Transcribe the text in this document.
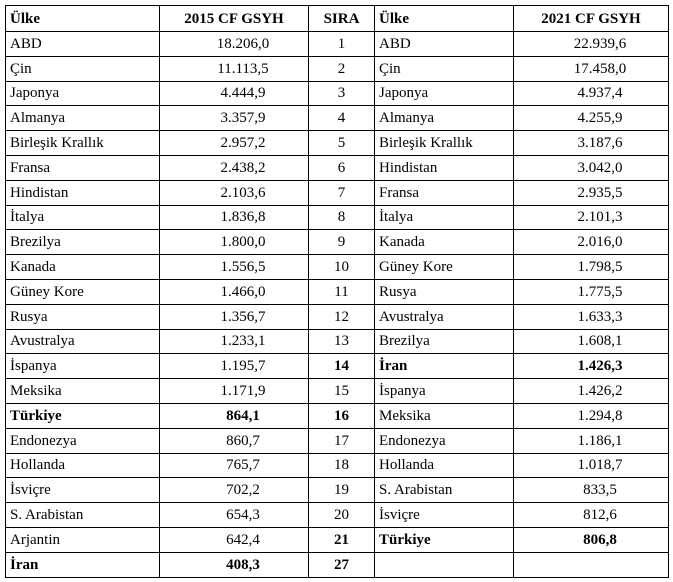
Ülke	2015 CF GSYH	SIRA	Ülke	2021 CF GSYH
ABD	18.206,0	1	ABD	22.939,6
Çin	11.113,5	2	Çin	17.458,0
Japonya	4.444,9	3	Japonya	4.937,4
Almanya	3.357,9	4	Almanya	4.255,9
Birleşik Krallık	2.957,2	5	Birleşik Krallık	3.187,6
Fransa	2.438,2	6	Hindistan	3.042,0
Hindistan	2.103,6	7	Fransa	2.935,5
İtalya	1.836,8	8	İtalya	2.101,3
Brezilya	1.800,0	9	Kanada	2.016,0
Kanada	1.556,5	10	Güney Kore	1.798,5
Güney Kore	1.466,0	11	Rusya	1.775,5
Rusya	1.356,7	12	Avustralya	1.633,3
Avustralya	1.233,1	13	Brezilya	1.608,1
İspanya	1.195,7	14	İran	1.426,3
Meksika	1.171,9	15	İspanya	1.426,2
Türkiye	864,1	16	Meksika	1.294,8
Endonezya	860,7	17	Endonezya	1.186,1
Hollanda	765,7	18	Hollanda	1.018,7
İsviçre	702,2	19	S. Arabistan	833,5
S. Arabistan	654,3	20	İsviçre	812,6
Arjantin	642,4	21	Türkiye	806,8
İran	408,3	27		
